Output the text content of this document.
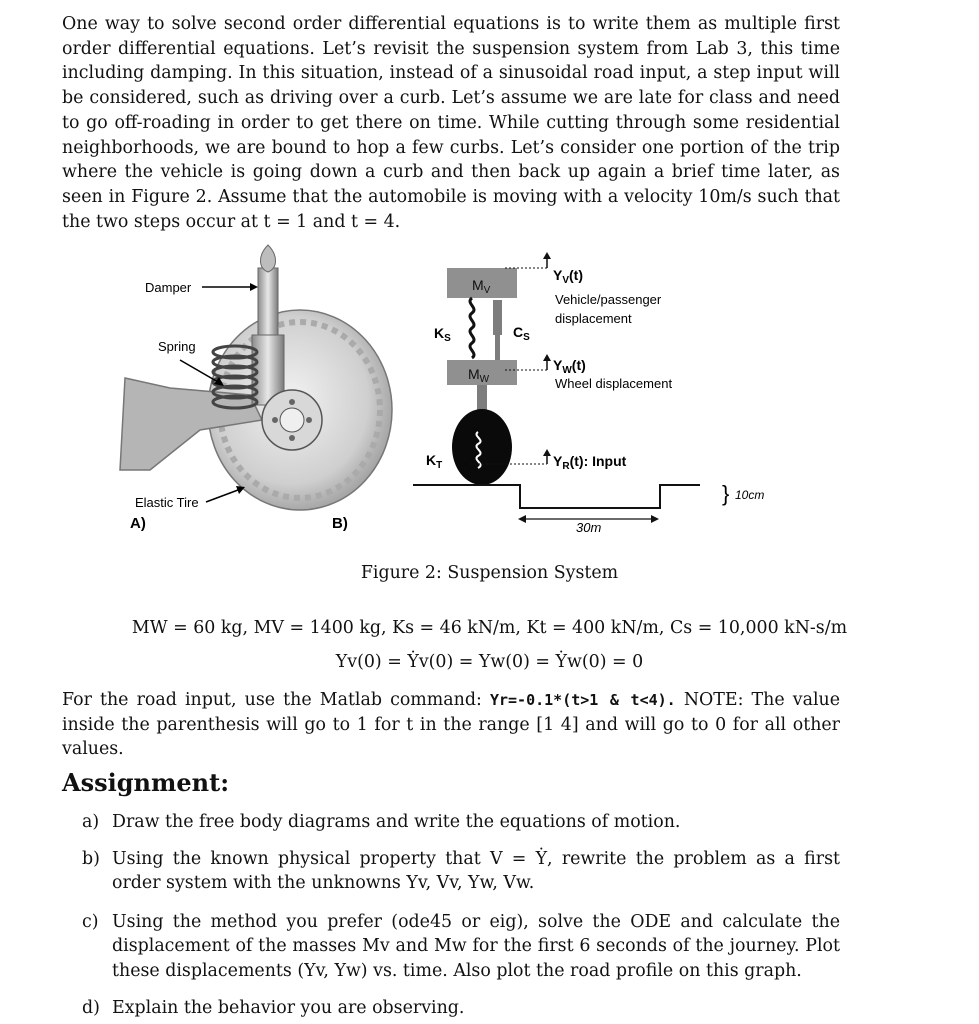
One way to solve second order differential equations is to write them as multiple first order differential equations. Let’s revisit the suspension system from Lab 3, this time including damping. In this situation, instead of a sinusoidal road input, a step input will be considered, such as driving over a curb. Let’s assume we are late for class and need to go off-roading in order to get there on time. While cutting through some residential neighborhoods, we are bound to hop a few curbs. Let’s consider one portion of the trip where the vehicle is going down a curb and then back up again a brief time later, as seen in Figure 2. Assume that the automobile is moving with a velocity 10m/s such that the two steps occur at t = 1 and t = 4.
Damper
Spring
Elastic Tire
A)	B)
$M_V$
$K_S$	$C_S$
$M_W$
$K_T$
$Y_V(t)$
Vehicle/passenger
displacement
$Y_W(t)$
Wheel displacement
$Y_R(t)$: Input
} 10cm
30m
Figure 2: Suspension System
MW = 60 kg, MV = 1400 kg, Ks = 46 kN/m, Kt = 400 kN/m, Cs = 10,000 kN-s/m
Yv(0) = Ẏv(0) = Yw(0) = Ẏw(0) = 0
For the road input, use the Matlab command: Yr=-0.1*(t>1 & t<4). NOTE: The value inside the parenthesis will go to 1 for t in the range [1 4] and will go to 0 for all other values.
Assignment:
a) Draw the free body diagrams and write the equations of motion.
b) Using the known physical property that V = Ẏ, rewrite the problem as a first order system with the unknowns Yv, Vv, Yw, Vw.
c) Using the method you prefer (ode45 or eig), solve the ODE and calculate the displacement of the masses Mv and Mw for the first 6 seconds of the journey. Plot these displacements (Yv, Yw) vs. time. Also plot the road profile on this graph.
d) Explain the behavior you are observing.
